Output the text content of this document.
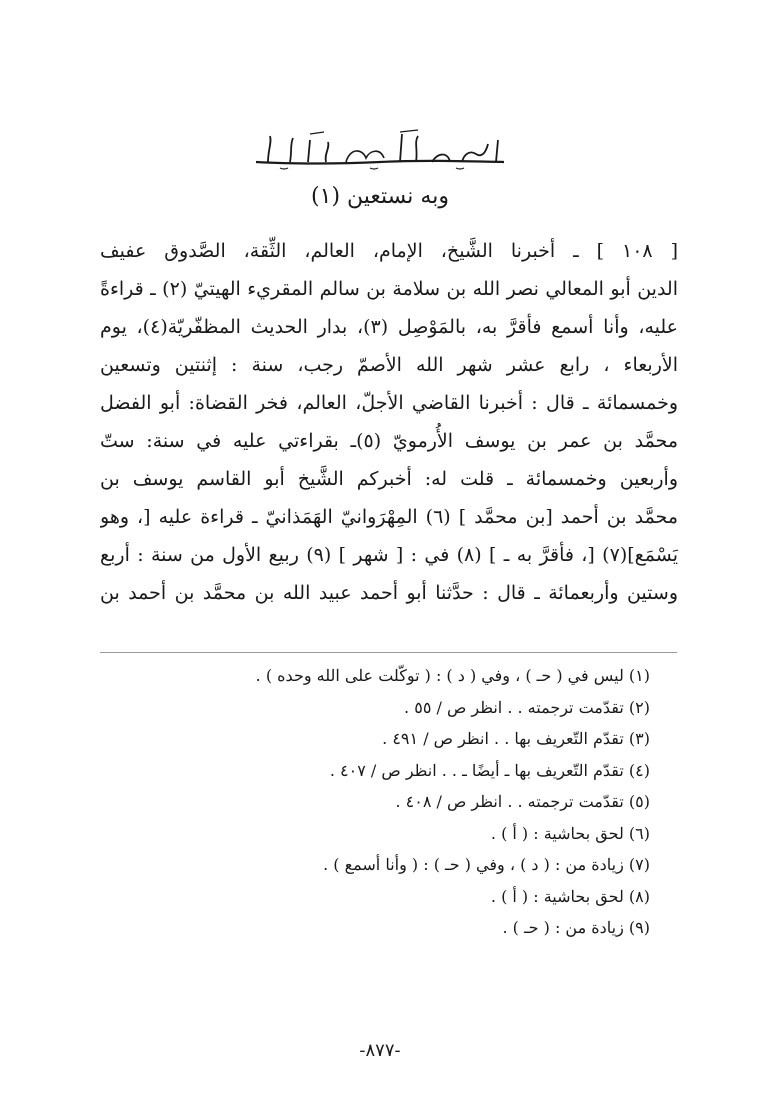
وبه نستعين (١)
[ ١٠٨ ] ـ أخبرنا الشَّيخ، الإمام، العالم، الثِّقة، الصَّدوق عفيف
الدين أبو المعالي نصر الله بن سلامة بن سالم المقريء الهيتيّ (٢) ـ قراءةً
عليه، وأنا أسمع فأقرَّ به، بالمَوْصِل (٣)، بدار الحديث المظفّريّة(٤)، يوم
الأربعاء ، رابع عشر شهر الله الأصمّ رجب، سنة : إثنتين وتسعين
وخمسمائة ـ قال : أخبرنا القاضي الأجلّ، العالم، فخر القضاة: أبو الفضل
محمَّد بن عمر بن يوسف الأُرمويّ (٥)ـ بقراءتي عليه في سنة: ستّ
وأربعين وخمسمائة ـ قلت له: أخبركم الشَّيخ أبو القاسم يوسف بن
محمَّد بن أحمد [بن محمَّد ] (٦) المِهْرَوانيّ الهَمَذانيّ ـ قراءة عليه [، وهو
يَسْمَع](٧) [، فأقرَّ به ـ ] (٨) في : [ شهر ] (٩) ربيع الأول من سنة : أربع
وستين وأربعمائة ـ قال : حدَّثنا أبو أحمد عبيد الله بن محمَّد بن أحمد بن
(١) ليس في ( حـ ) ، وفي ( د ) : ( توكّلت على الله وحده ) .
(٢) تقدّمت ترجمته . . انظر ص / ٥٥ .
(٣) تقدّم التّعريف بها . . انظر ص / ٤٩١ .
(٤) تقدّم التّعريف بها ـ أيضًا ـ . . انظر ص / ٤٠٧ .
(٥) تقدّمت ترجمته . . انظر ص / ٤٠٨ .
(٦) لحق بحاشية : ( أ ) .
(٧) زيادة من : ( د ) ، وفي ( حـ ) : ( وأنا أسمع ) .
(٨) لحق بحاشية : ( أ ) .
(٩) زيادة من : ( حـ ) .
-٨٧٧-
